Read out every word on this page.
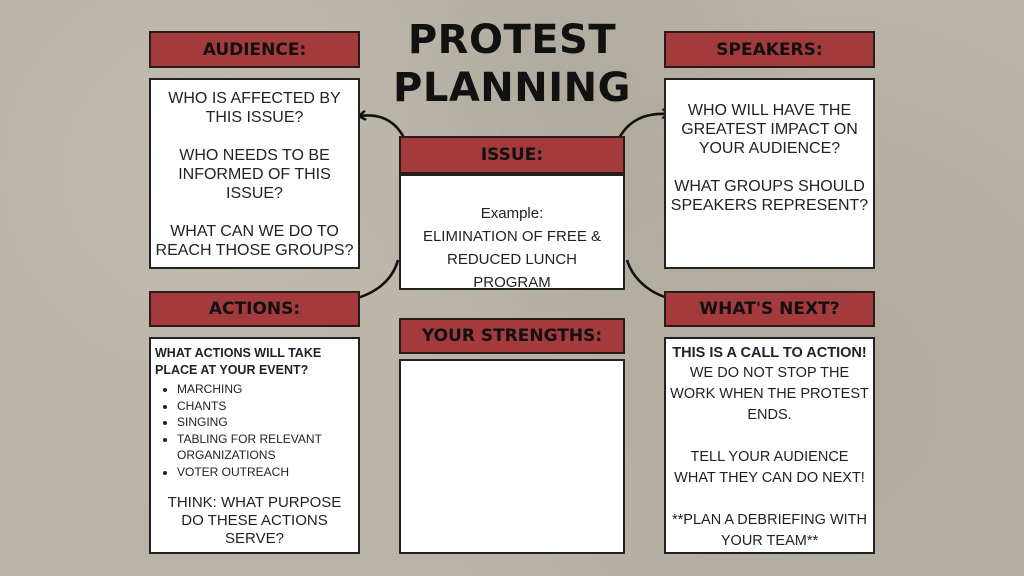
PROTEST
PLANNING
AUDIENCE:

WHO IS AFFECTED BY THIS ISSUE?

WHO NEEDS TO BE INFORMED OF THIS ISSUE?

WHAT CAN WE DO TO REACH THOSE GROUPS?

ISSUE:

Example:

ELIMINATION OF FREE & REDUCED LUNCH PROGRAM

SPEAKERS:

WHO WILL HAVE THE GREATEST IMPACT ON YOUR AUDIENCE?

WHAT GROUPS SHOULD SPEAKERS REPRESENT?

ACTIONS:

WHAT ACTIONS WILL TAKE PLACE AT YOUR EVENT?

• MARCHING
• CHANTS
• SINGING
• TABLING FOR RELEVANT ORGANIZATIONS
• VOTER OUTREACH

THINK: WHAT PURPOSE DO THESE ACTIONS SERVE?

YOUR STRENGTHS:
WHAT'S NEXT?

THIS IS A CALL TO ACTION!

WE DO NOT STOP THE WORK WHEN THE PROTEST ENDS.

TELL YOUR AUDIENCE WHAT THEY CAN DO NEXT!

**PLAN A DEBRIEFING WITH YOUR TEAM**
